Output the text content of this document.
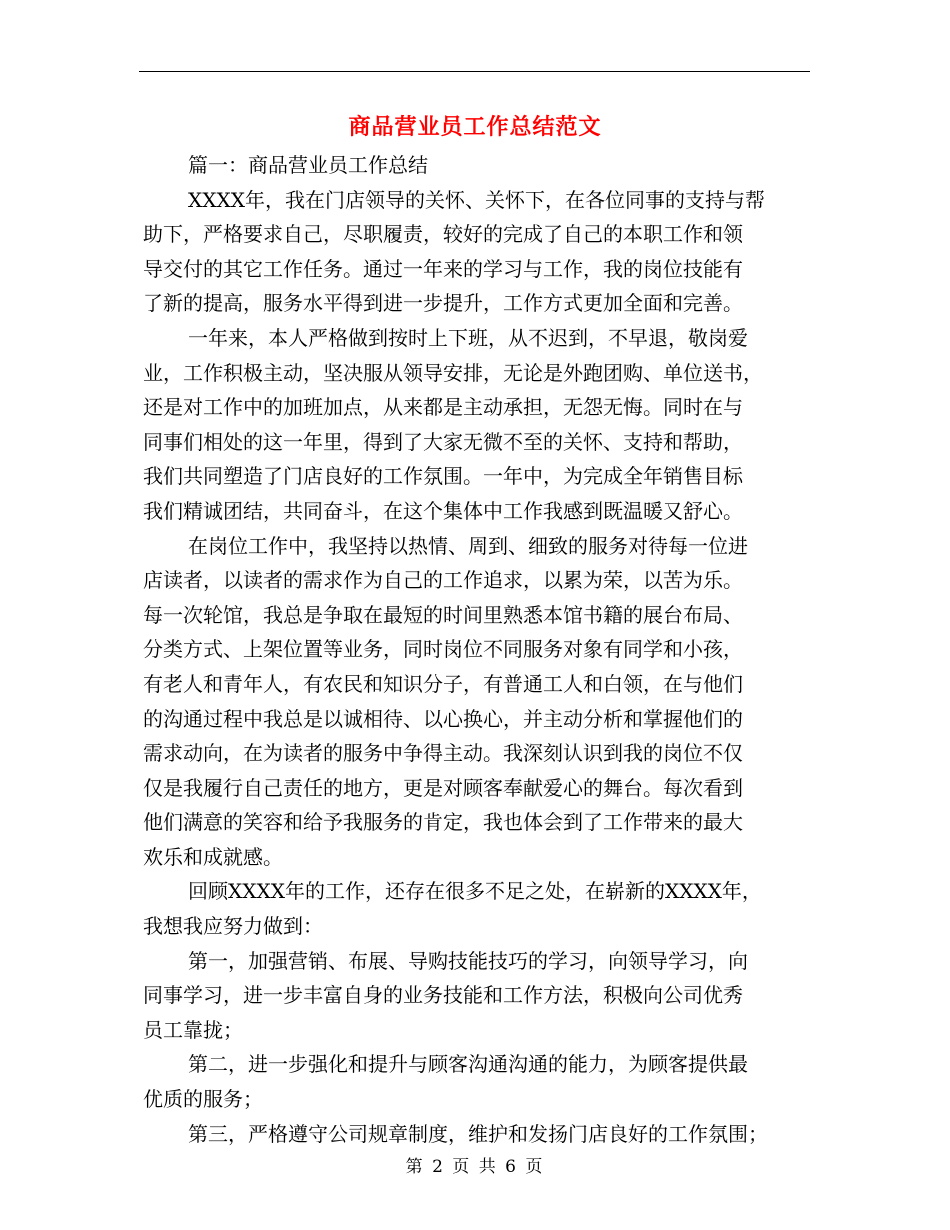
商品营业员工作总结范文
篇一：商品营业员工作总结
XXXX年，我在门店领导的关怀、关怀下，在各位同事的支持与帮
助下，严格要求自己，尽职履责，较好的完成了自己的本职工作和领
导交付的其它工作任务。通过一年来的学习与工作，我的岗位技能有
了新的提高，服务水平得到进一步提升，工作方式更加全面和完善。
一年来，本人严格做到按时上下班，从不迟到，不早退，敬岗爱
业，工作积极主动，坚决服从领导安排，无论是外跑团购、单位送书，
还是对工作中的加班加点，从来都是主动承担，无怨无悔。同时在与
同事们相处的这一年里，得到了大家无微不至的关怀、支持和帮助，
我们共同塑造了门店良好的工作氛围。一年中，为完成全年销售目标
我们精诚团结，共同奋斗，在这个集体中工作我感到既温暖又舒心。
在岗位工作中，我坚持以热情、周到、细致的服务对待每一位进
店读者，以读者的需求作为自己的工作追求，以累为荣，以苦为乐。
每一次轮馆，我总是争取在最短的时间里熟悉本馆书籍的展台布局、
分类方式、上架位置等业务，同时岗位不同服务对象有同学和小孩，
有老人和青年人，有农民和知识分子，有普通工人和白领，在与他们
的沟通过程中我总是以诚相待、以心换心，并主动分析和掌握他们的
需求动向，在为读者的服务中争得主动。我深刻认识到我的岗位不仅
仅是我履行自己责任的地方，更是对顾客奉献爱心的舞台。每次看到
他们满意的笑容和给予我服务的肯定，我也体会到了工作带来的最大
欢乐和成就感。
回顾XXXX年的工作，还存在很多不足之处，在崭新的XXXX年，
我想我应努力做到：
第一，加强营销、布展、导购技能技巧的学习，向领导学习，向
同事学习，进一步丰富自身的业务技能和工作方法，积极向公司优秀
员工靠拢；
第二，进一步强化和提升与顾客沟通沟通的能力，为顾客提供最
优质的服务；
第三，严格遵守公司规章制度，维护和发扬门店良好的工作氛围；
第 2 页 共 6 页
